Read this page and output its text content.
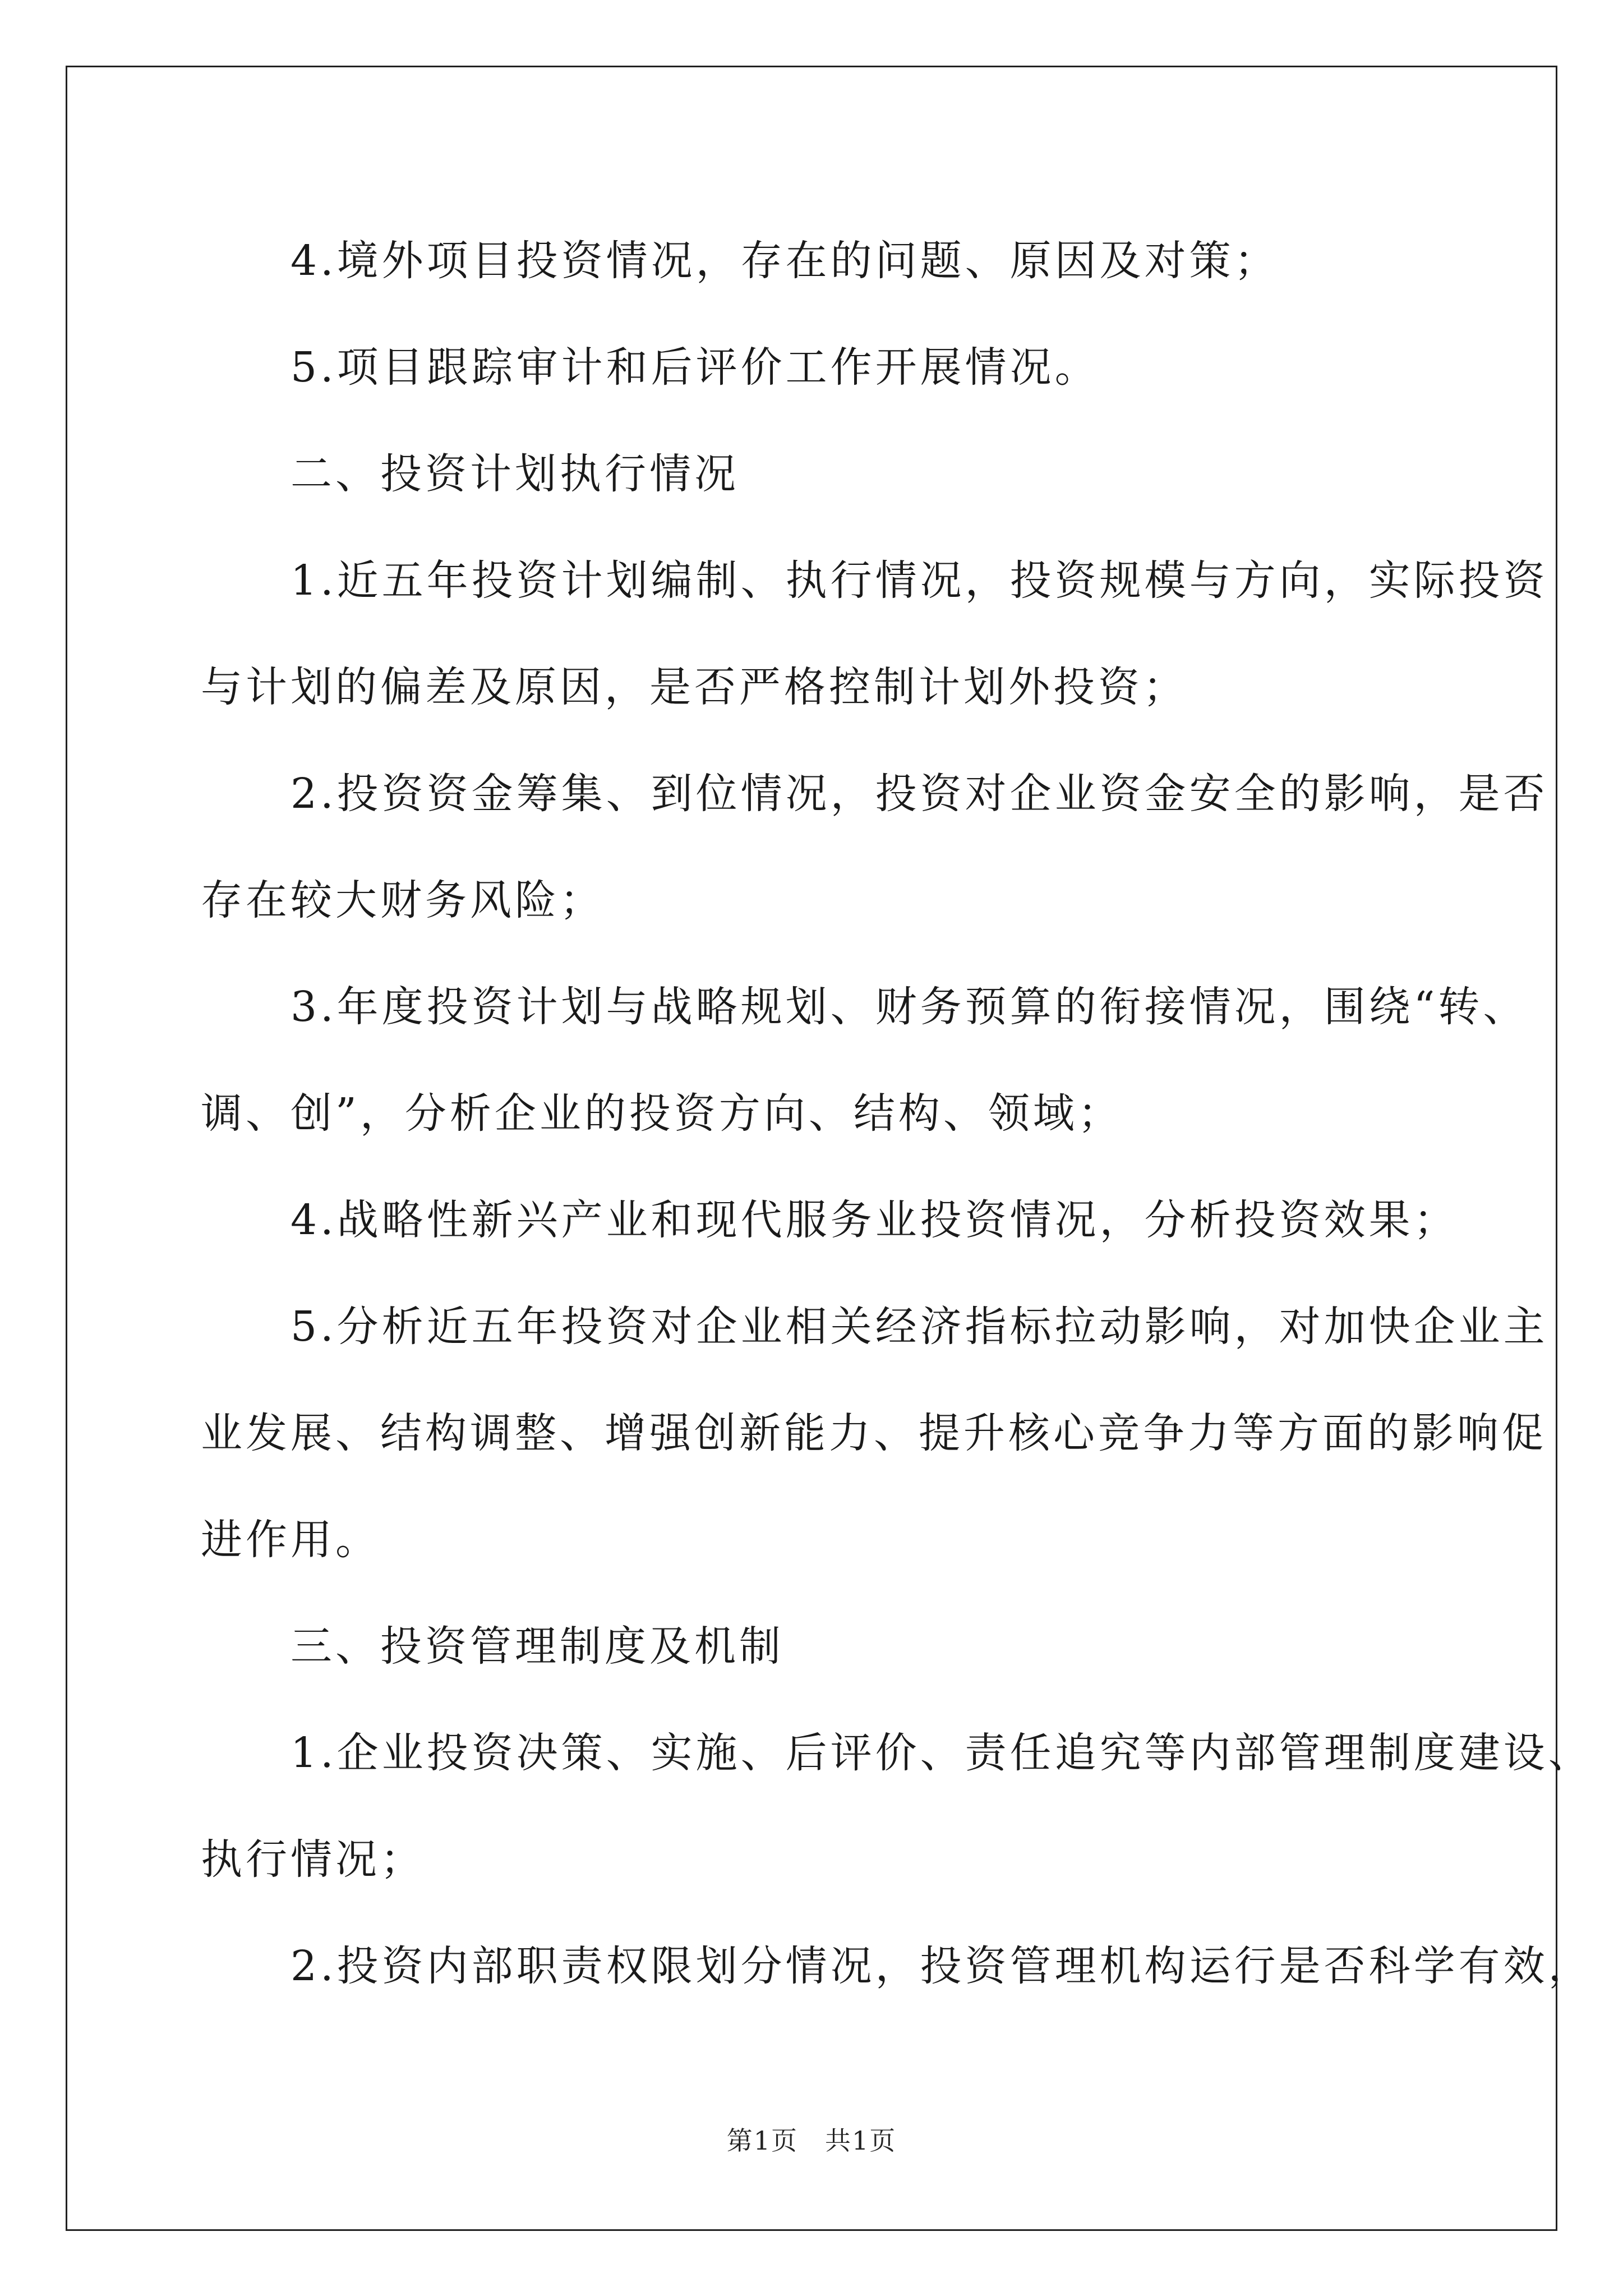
　　4.境外项目投资情况，存在的问题、原因及对策；

　　5.项目跟踪审计和后评价工作开展情况。

　　二、投资计划执行情况

　　1.近五年投资计划编制、执行情况，投资规模与方向，实际投资

与计划的偏差及原因，是否严格控制计划外投资；

　　2.投资资金筹集、到位情况，投资对企业资金安全的影响，是否

存在较大财务风险；

　　3.年度投资计划与战略规划、财务预算的衔接情况，围绕“转、

调、创”，分析企业的投资方向、结构、领域；

　　4.战略性新兴产业和现代服务业投资情况，分析投资效果；

　　5.分析近五年投资对企业相关经济指标拉动影响，对加快企业主

业发展、结构调整、增强创新能力、提升核心竞争力等方面的影响促

进作用。

　　三、投资管理制度及机制

　　1.企业投资决策、实施、后评价、责任追究等内部管理制度建设、

执行情况；

　　2.投资内部职责权限划分情况，投资管理机构运行是否科学有效，

第1页　共1页
